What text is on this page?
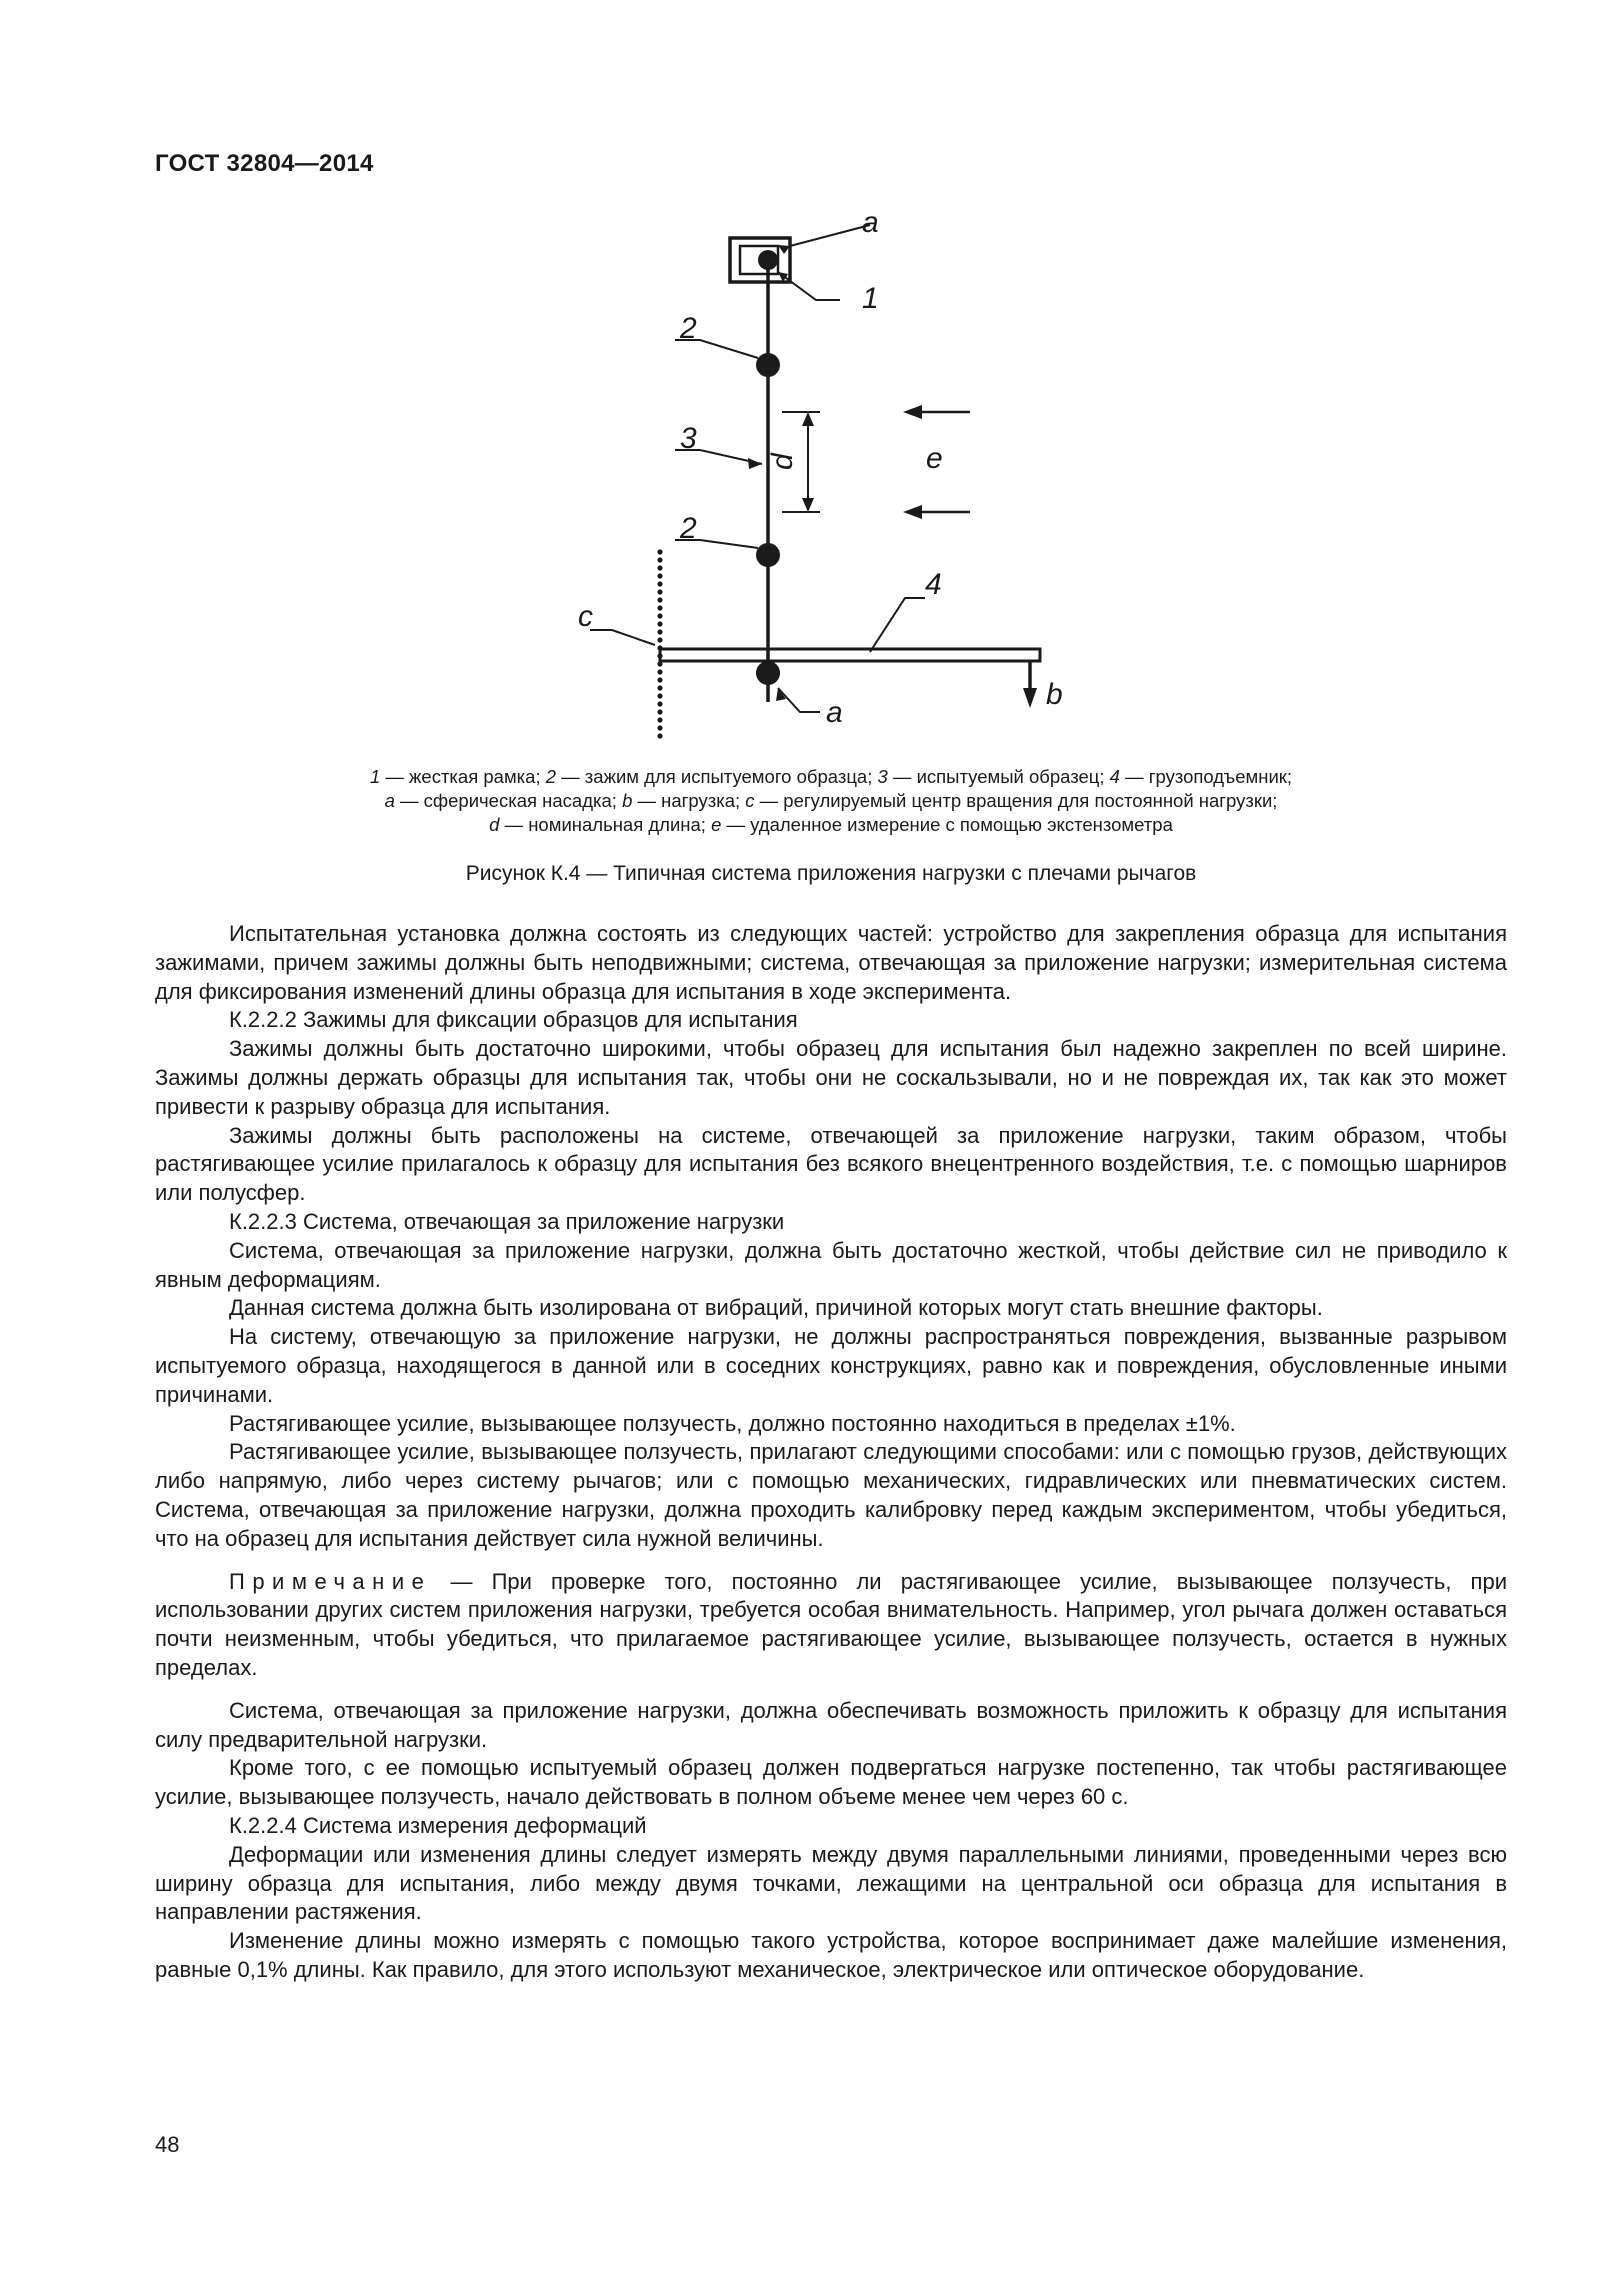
ГОСТ 32804—2014
a
1
2
3
2
d	e
c
4
a
b
1 — жесткая рамка; 2 — зажим для испытуемого образца; 3 — испытуемый образец; 4 — грузоподъемник;
a — сферическая насадка; b — нагрузка; c — регулируемый центр вращения для постоянной нагрузки;
d — номинальная длина; e — удаленное измерение с помощью экстензометра
Рисунок К.4 — Типичная система приложения нагрузки с плечами рычагов

Испытательная установка должна состоять из следующих частей: устройство для закрепления образца для испытания зажимами, причем зажимы должны быть неподвижными; система, отвечающая за приложение нагрузки; измерительная система для фиксирования изменений длины образца для испытания в ходе эксперимента.

К.2.2.2 Зажимы для фиксации образцов для испытания

Зажимы должны быть достаточно широкими, чтобы образец для испытания был надежно закреплен по всей ширине. Зажимы должны держать образцы для испытания так, чтобы они не соскальзывали, но и не повреждая их, так как это может привести к разрыву образца для испытания.

Зажимы должны быть расположены на системе, отвечающей за приложение нагрузки, таким образом, чтобы растягивающее усилие прилагалось к образцу для испытания без всякого внецентренного воздействия, т.е. с помощью шарниров или полусфер.

К.2.2.3 Система, отвечающая за приложение нагрузки

Система, отвечающая за приложение нагрузки, должна быть достаточно жесткой, чтобы действие сил не приводило к явным деформациям.

Данная система должна быть изолирована от вибраций, причиной которых могут стать внешние факторы.

На систему, отвечающую за приложение нагрузки, не должны распространяться повреждения, вызванные разрывом испытуемого образца, находящегося в данной или в соседних конструкциях, равно как и повреждения, обусловленные иными причинами.

Растягивающее усилие, вызывающее ползучесть, должно постоянно находиться в пределах ±1%.

Растягивающее усилие, вызывающее ползучесть, прилагают следующими способами: или с помощью грузов, действующих либо напрямую, либо через систему рычагов; или с помощью механических, гидравлических или пневматических систем. Система, отвечающая за приложение нагрузки, должна проходить калибровку перед каждым экспериментом, чтобы убедиться, что на образец для испытания действует сила нужной величины.

Примечание — При проверке того, постоянно ли растягивающее усилие, вызывающее ползучесть, при использовании других систем приложения нагрузки, требуется особая внимательность. Например, угол рычага должен оставаться почти неизменным, чтобы убедиться, что прилагаемое растягивающее усилие, вызывающее ползучесть, остается в нужных пределах.

Система, отвечающая за приложение нагрузки, должна обеспечивать возможность приложить к образцу для испытания силу предварительной нагрузки.

Кроме того, с ее помощью испытуемый образец должен подвергаться нагрузке постепенно, так чтобы растягивающее усилие, вызывающее ползучесть, начало действовать в полном объеме менее чем через 60 с.

К.2.2.4 Система измерения деформаций

Деформации или изменения длины следует измерять между двумя параллельными линиями, проведенными через всю ширину образца для испытания, либо между двумя точками, лежащими на центральной оси образца для испытания в направлении растяжения.

Изменение длины можно измерять с помощью такого устройства, которое воспринимает даже малейшие изменения, равные 0,1% длины. Как правило, для этого используют механическое, электрическое или оптическое оборудование.

48
